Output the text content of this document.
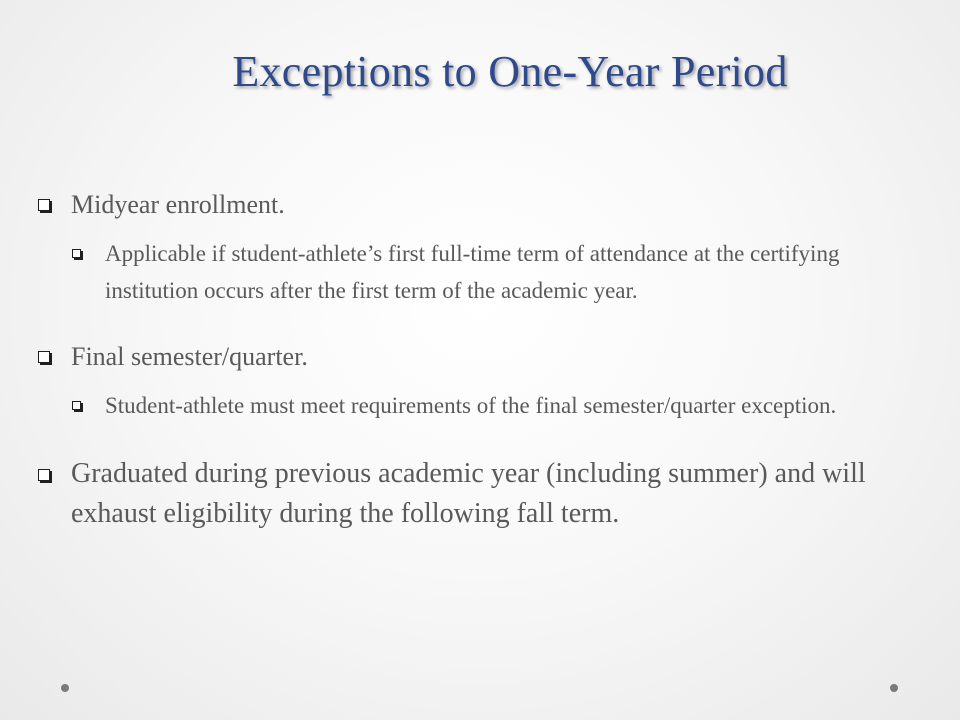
Exceptions to One-Year Period
Midyear enrollment.
Applicable if student-athlete’s first full-time term of attendance at the certifying institution occurs after the first term of the academic year.
Final semester/quarter.
Student-athlete must meet requirements of the final semester/quarter exception.
Graduated during previous academic year (including summer) and will exhaust eligibility during the following fall term.
